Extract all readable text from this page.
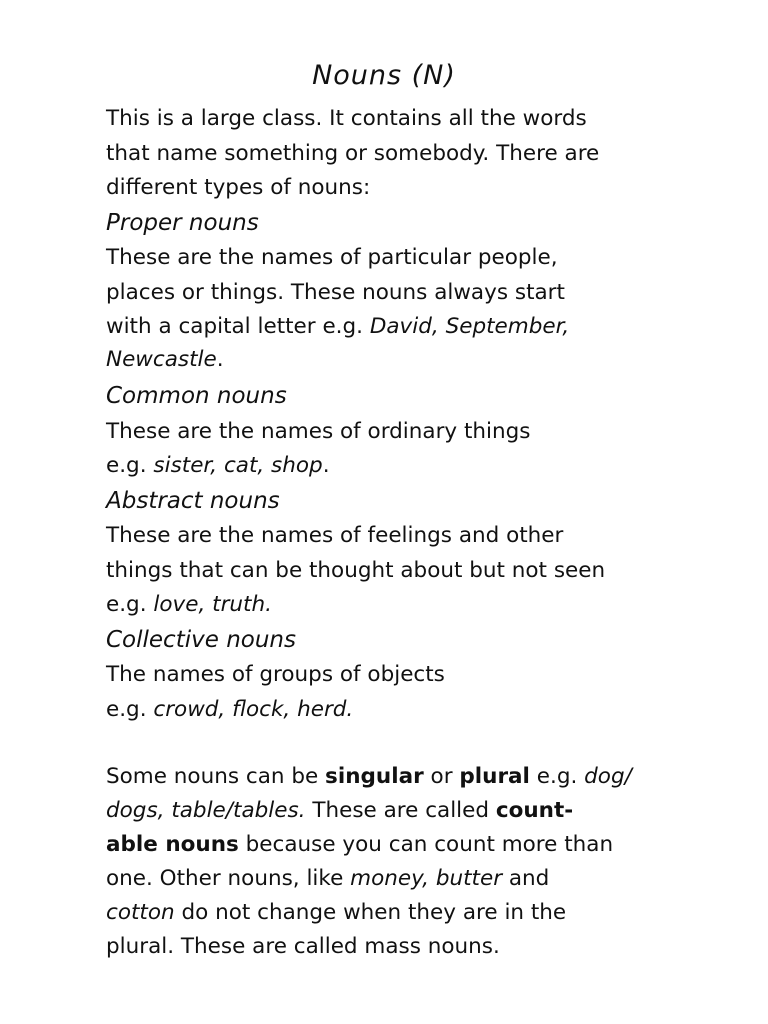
Nouns (N)
This is a large class. It contains all the words
that name something or somebody. There are
different types of nouns:
Proper nouns
These are the names of particular people,
places or things. These nouns always start
with a capital letter e.g. David, September,
Newcastle.
Common nouns
These are the names of ordinary things
e.g. sister, cat, shop.
Abstract nouns
These are the names of feelings and other
things that can be thought about but not seen
e.g. love, truth.
Collective nouns
The names of groups of objects
e.g. crowd, flock, herd.
Some nouns can be singular or plural e.g. dog/
dogs, table/tables. These are called count-
able nouns because you can count more than
one. Other nouns, like money, butter and
cotton do not change when they are in the
plural. These are called mass nouns.
